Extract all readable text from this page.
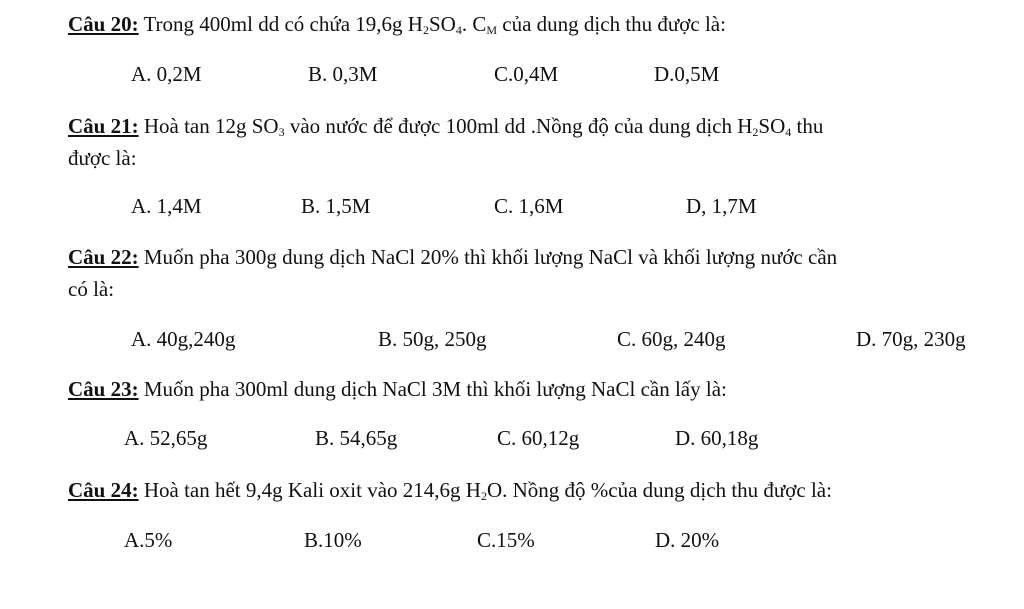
Câu 20: Trong 400ml dd có chứa 19,6g $H_2SO_4$. $C_M$ của dung dịch thu được là:
A. 0,2M	B. 0,3M	C.0,4M	D.0,5M
Câu 21: Hoà tan 12g $SO_3$ vào nước để được 100ml dd .Nồng độ của dung dịch $H_2SO_4$ thu
được là:
A. 1,4M	B. 1,5M	C. 1,6M	D, 1,7M
Câu 22: Muốn pha 300g dung dịch NaCl 20% thì khối lượng NaCl và khối lượng nước cần
có là:
A. 40g,240g	B. 50g, 250g	C. 60g, 240g	D. 70g, 230g
Câu 23: Muốn pha 300ml dung dịch NaCl 3M thì khối lượng NaCl cần lấy là:
A. 52,65g	B. 54,65g	C. 60,12g	D. 60,18g
Câu 24: Hoà tan hết 9,4g Kali oxit vào 214,6g $H_2O$. Nồng độ %của dung dịch thu được là:
A.5%	B.10%	C.15%	D. 20%
